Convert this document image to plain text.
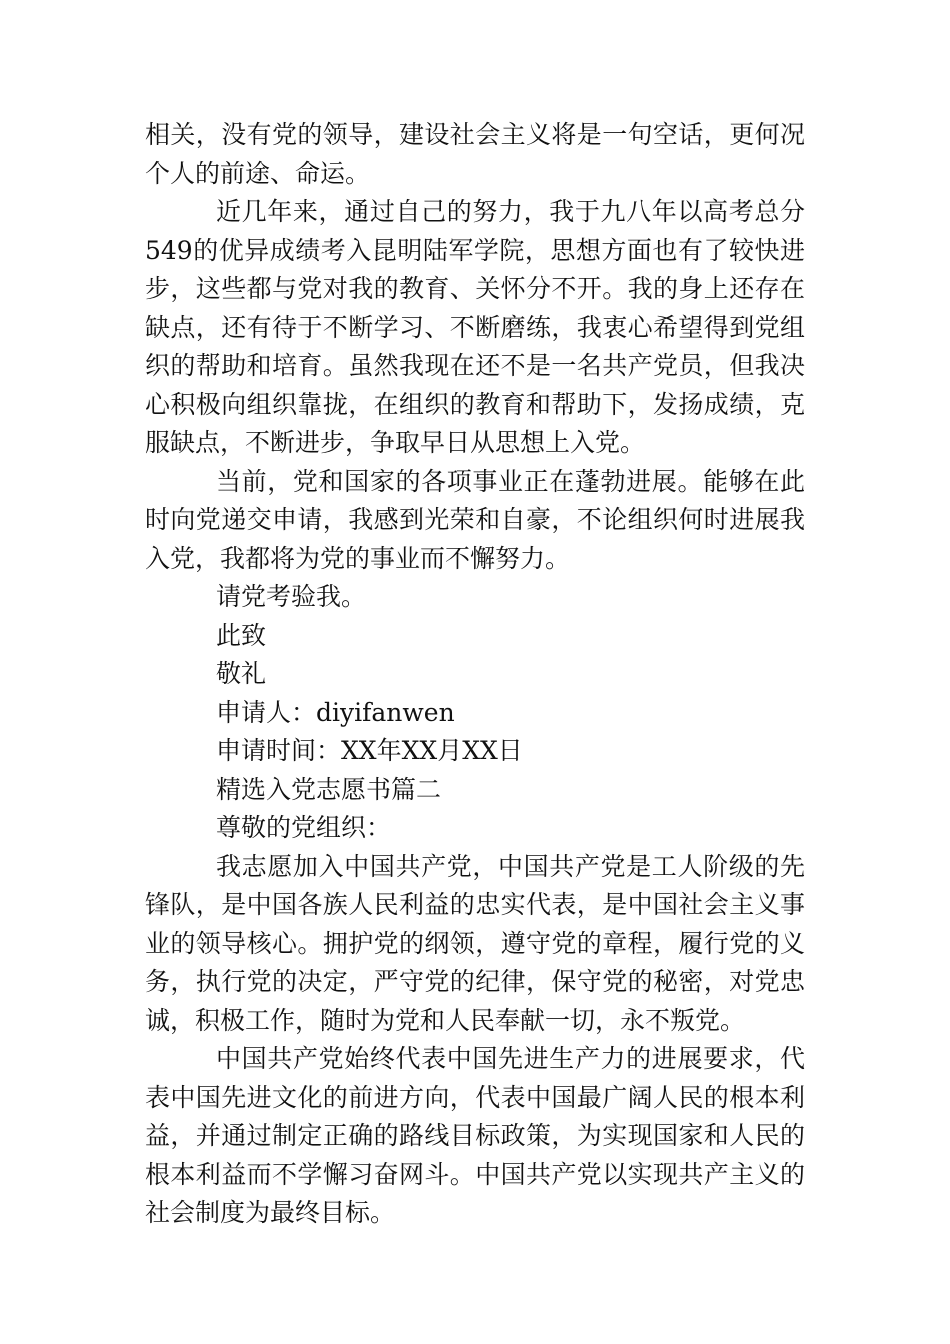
相关，没有党的领导，建设社会主义将是一句空话，更何况个人的前途、命运。

近几年来，通过自己的努力，我于九八年以高考总分549的优异成绩考入昆明陆军学院，思想方面也有了较快进步，这些都与党对我的教育、关怀分不开。我的身上还存在缺点，还有待于不断学习、不断磨练，我衷心希望得到党组织的帮助和培育。虽然我现在还不是一名共产党员，但我决心积极向组织靠拢，在组织的教育和帮助下，发扬成绩，克服缺点，不断进步，争取早日从思想上入党。

当前，党和国家的各项事业正在蓬勃进展。能够在此时向党递交申请，我感到光荣和自豪，不论组织何时进展我入党，我都将为党的事业而不懈努力。

请党考验我。

此致

敬礼

申请人：diyifanwen

申请时间：XX年XX月XX日

精选入党志愿书篇二

尊敬的党组织：

我志愿加入中国共产党，中国共产党是工人阶级的先锋队，是中国各族人民利益的忠实代表，是中国社会主义事业的领导核心。拥护党的纲领，遵守党的章程，履行党的义务，执行党的决定，严守党的纪律，保守党的秘密，对党忠诚，积极工作，随时为党和人民奉献一切，永不叛党。

中国共产党始终代表中国先进生产力的进展要求，代表中国先进文化的前进方向，代表中国最广阔人民的根本利益，并通过制定正确的路线目标政策，为实现国家和人民的根本利益而不学懈习奋网斗。中国共产党以实现共产主义的社会制度为最终目标。
